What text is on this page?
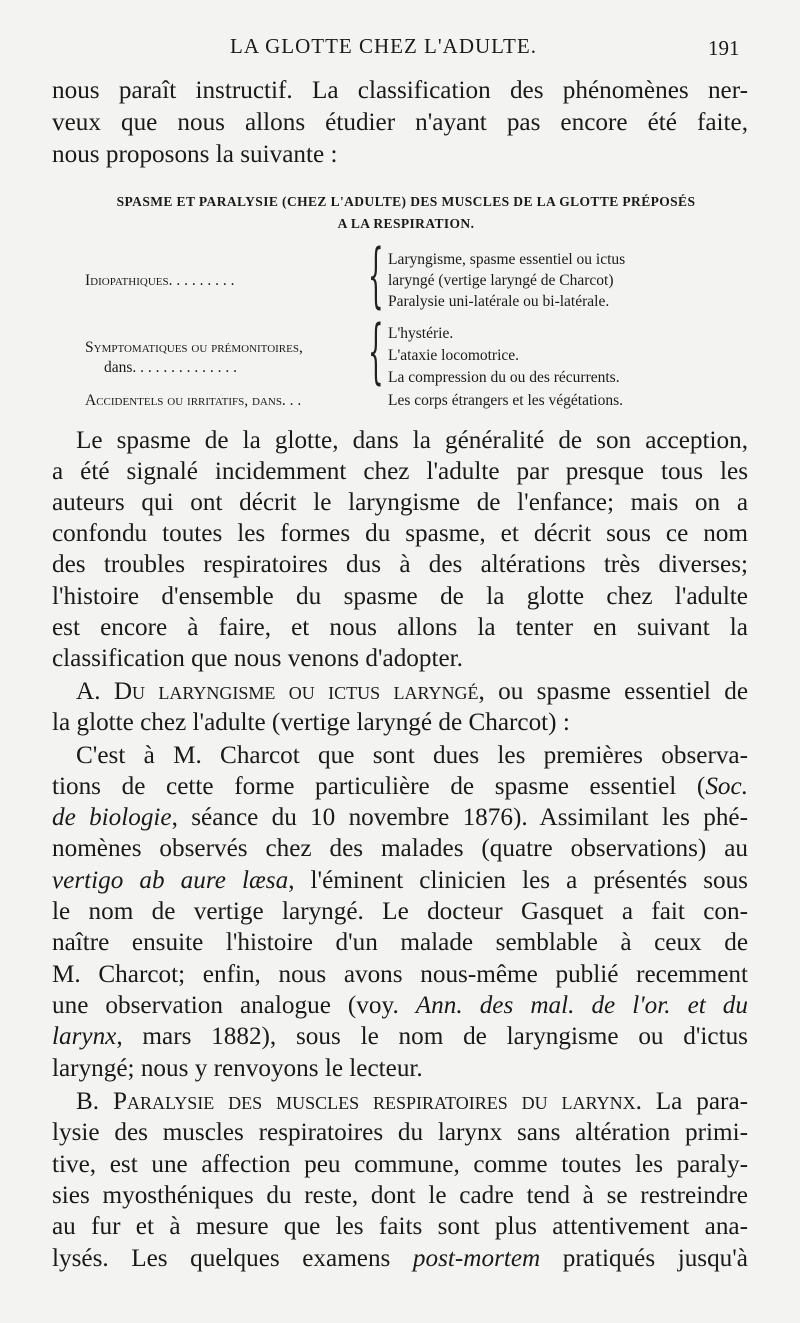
LA GLOTTE CHEZ L'ADULTE.	191

nous paraît instructif. La classification des phénomènes ner-

veux que nous allons étudier n'ayant pas encore été faite,

nous proposons la suivante :

SPASME ET PARALYSIE (CHEZ L'ADULTE) DES MUSCLES DE LA GLOTTE PRÉPOSÉS

A LA RESPIRATION.

Idiopathiques. . . . . . . . . { Laryngisme, spasme essentiel ou ictus
laryngé (vertige laryngé de Charcot)
Paralysie uni-latérale ou bi-latérale.
Symptomatiques ou prémonitoires,
dans. . . . . . . . . . . . . . { L'hystérie.
L'ataxie locomotrice.
La compression du ou des récurrents.
Accidentels ou irritatifs, dans. . .	Les corps étrangers et les végétations.

Le spasme de la glotte, dans la généralité de son acception,

a été signalé incidemment chez l'adulte par presque tous les

auteurs qui ont décrit le laryngisme de l'enfance; mais on a

confondu toutes les formes du spasme, et décrit sous ce nom

des troubles respiratoires dus à des altérations très diverses;

l'histoire d'ensemble du spasme de la glotte chez l'adulte

est encore à faire, et nous allons la tenter en suivant la

classification que nous venons d'adopter.

A. Du laryngisme ou ictus laryngé, ou spasme essentiel de

la glotte chez l'adulte (vertige laryngé de Charcot) :

C'est à M. Charcot que sont dues les premières observa-

tions de cette forme particulière de spasme essentiel (Soc.

de biologie, séance du 10 novembre 1876). Assimilant les phé-

nomènes observés chez des malades (quatre observations) au

vertigo ab aure læsa, l'éminent clinicien les a présentés sous

le nom de vertige laryngé. Le docteur Gasquet a fait con-

naître ensuite l'histoire d'un malade semblable à ceux de

M. Charcot; enfin, nous avons nous-même publié recemment

une observation analogue (voy. Ann. des mal. de l'or. et du

larynx, mars 1882), sous le nom de laryngisme ou d'ictus

laryngé; nous y renvoyons le lecteur.

B. Paralysie des muscles respiratoires du larynx. La para-

lysie des muscles respiratoires du larynx sans altération primi-

tive, est une affection peu commune, comme toutes les paraly-

sies myosthéniques du reste, dont le cadre tend à se restreindre

au fur et à mesure que les faits sont plus attentivement ana-

lysés. Les quelques examens post-mortem pratiqués jusqu'à
